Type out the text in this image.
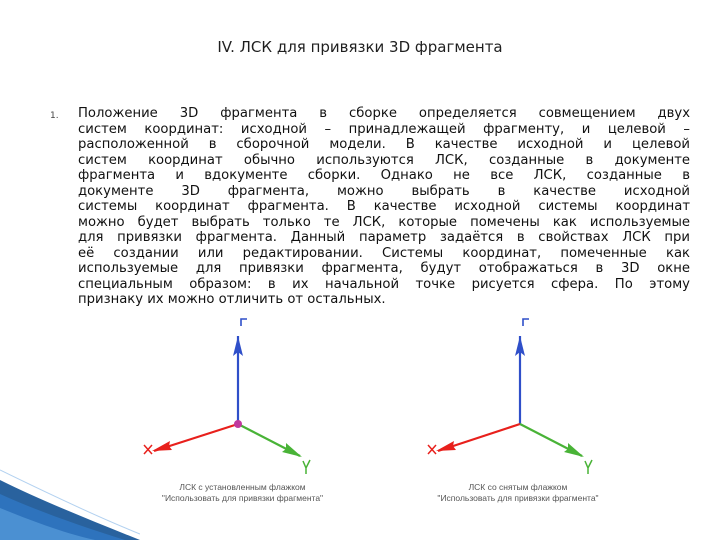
IV. ЛСК для привязки 3D фрагмента
1. Положение 3D фрагмента в сборке определяется совмещением двух
систем координат: исходной – принадлежащей фрагменту, и целевой –
расположенной в сборочной модели. В качестве исходной и целевой
систем координат обычно используются ЛСК, созданные в документе
фрагмента и вдокументе сборки. Однако не все ЛСК, созданные в
документе 3D фрагмента, можно выбрать в качестве исходной
системы координат фрагмента. В качестве исходной системы координат
можно будет выбрать только те ЛСК, которые помечены как используемые
для привязки фрагмента. Данный параметр задаётся в свойствах ЛСК при
её создании или редактировании. Системы координат, помеченные как
используемые для привязки фрагмента, будут отображаться в 3D окне
специальным образом: в их начальной точке рисуется сфера. По этому
признаку их можно отличить от остальных.
ЛСК с установленным флажком
"Использовать для привязки фрагмента"
ЛСК со снятым флажком
"Использовать для привязки фрагмента"
